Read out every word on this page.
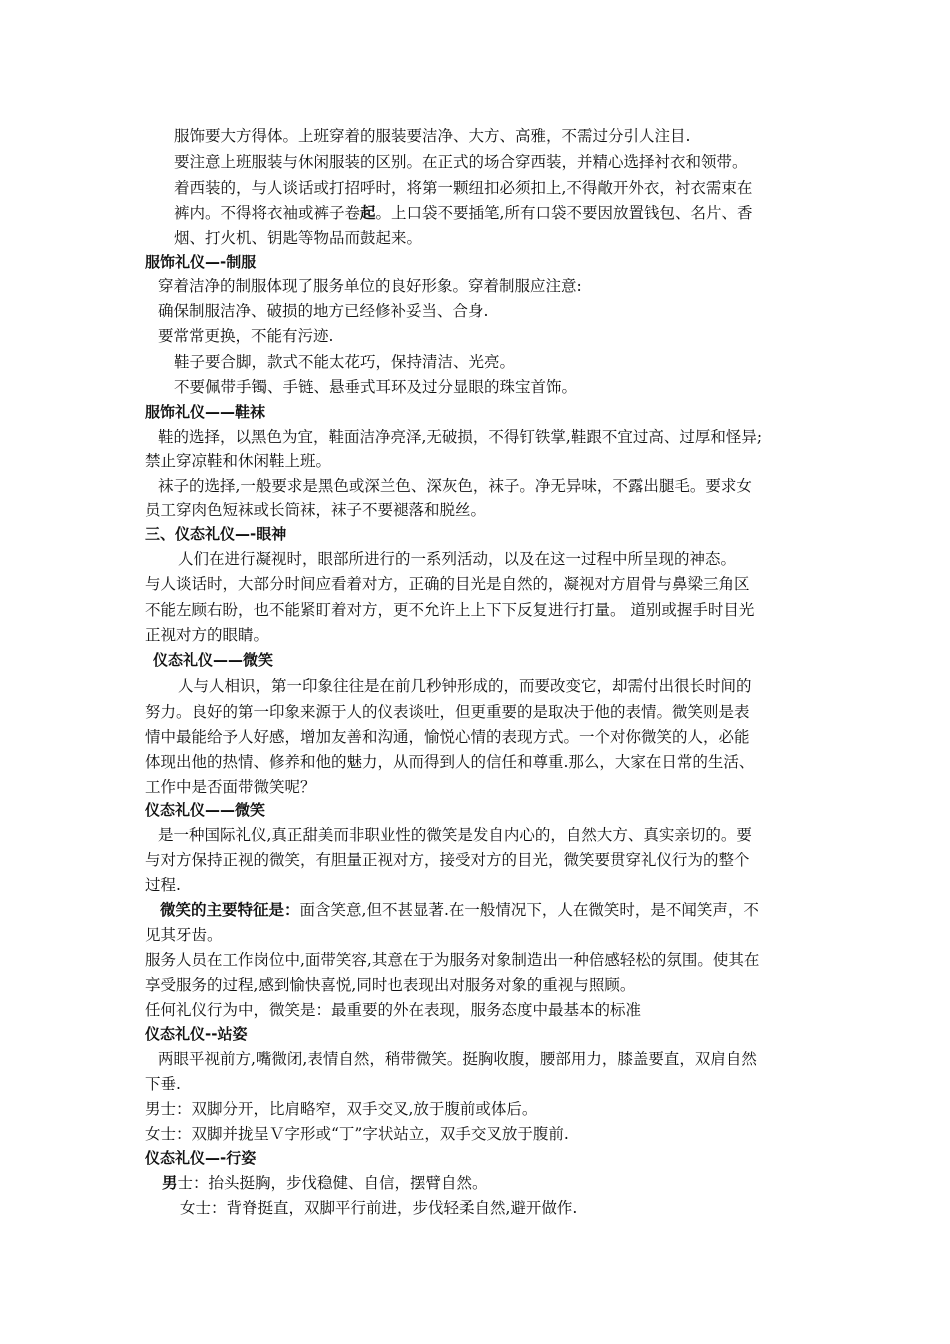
服饰要大方得体。上班穿着的服装要洁净、大方、高雅，不需过分引人注目.
要注意上班服装与休闲服装的区别。在正式的场合穿西装，并精心选择衬衣和领带。
着西装的，与人谈话或打招呼时，将第一颗纽扣必须扣上,不得敞开外衣，衬衣需束在
裤内。不得将衣袖或裤子卷起。上口袋不要插笔,所有口袋不要因放置钱包、名片、香
烟、打火机、钥匙等物品而鼓起来。
服饰礼仪—-制服
穿着洁净的制服体现了服务单位的良好形象。穿着制服应注意:
确保制服洁净、破损的地方已经修补妥当、合身.
要常常更换，不能有污迹.
鞋子要合脚，款式不能太花巧，保持清洁、光亮。
不要佩带手镯、手链、悬垂式耳环及过分显眼的珠宝首饰。
服饰礼仪——鞋袜
鞋的选择，以黑色为宜，鞋面洁净亮泽,无破损，不得钉铁掌,鞋跟不宜过高、过厚和怪异;
禁止穿凉鞋和休闲鞋上班。
袜子的选择,一般要求是黑色或深兰色、深灰色，袜子。净无异味，不露出腿毛。要求女
员工穿肉色短袜或长筒袜，袜子不要褪落和脱丝。
三、仪态礼仪—-眼神
人们在进行凝视时，眼部所进行的一系列活动，以及在这一过程中所呈现的神态。
与人谈话时，大部分时间应看着对方，正确的目光是自然的，凝视对方眉骨与鼻梁三角区
不能左顾右盼，也不能紧盯着对方，更不允许上上下下反复进行打量。 道别或握手时目光
正视对方的眼睛。
仪态礼仪——微笑
人与人相识，第一印象往往是在前几秒钟形成的，而要改变它，却需付出很长时间的
努力。良好的第一印象来源于人的仪表谈吐，但更重要的是取决于他的表情。微笑则是表
情中最能给予人好感，增加友善和沟通，愉悦心情的表现方式。一个对你微笑的人，必能
体现出他的热情、修养和他的魅力，从而得到人的信任和尊重.那么，大家在日常的生活、
工作中是否面带微笑呢？
仪态礼仪——微笑
是一种国际礼仪,真正甜美而非职业性的微笑是发自内心的，自然大方、真实亲切的。要
与对方保持正视的微笑，有胆量正视对方，接受对方的目光，微笑要贯穿礼仪行为的整个
过程.
微笑的主要特征是：面含笑意,但不甚显著.在一般情况下，人在微笑时，是不闻笑声，不
见其牙齿。
服务人员在工作岗位中,面带笑容,其意在于为服务对象制造出一种倍感轻松的氛围。使其在
享受服务的过程,感到愉快喜悦,同时也表现出对服务对象的重视与照顾。
任何礼仪行为中，微笑是：最重要的外在表现，服务态度中最基本的标准
仪态礼仪--站姿
两眼平视前方,嘴微闭,表情自然，稍带微笑。挺胸收腹，腰部用力，膝盖要直，双肩自然
下垂.
男士：双脚分开，比肩略窄，双手交叉,放于腹前或体后。
女士：双脚并拢呈Ｖ字形或“丁”字状站立，双手交叉放于腹前.
仪态礼仪—-行姿
男士：抬头挺胸，步伐稳健、自信，摆臂自然。
女士：背脊挺直，双脚平行前进，步伐轻柔自然,避开做作.
